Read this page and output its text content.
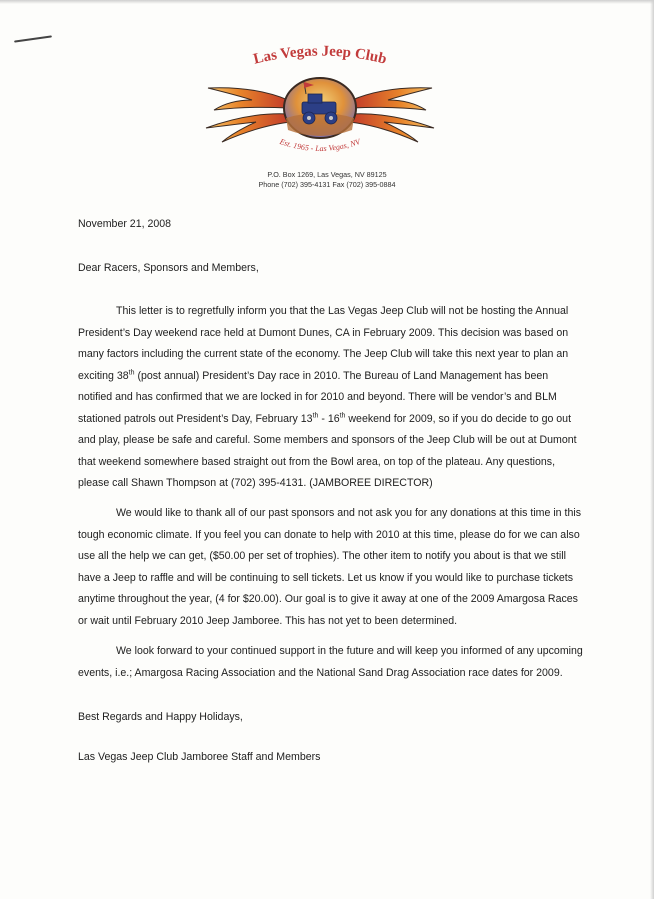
Las Vegas Jeep Club
Est. 1965 - Las Vegas, NV
P.O. Box 1269, Las Vegas, NV 89125
Phone (702) 395-4131 Fax (702) 395-0884
November 21, 2008
Dear Racers, Sponsors and Members,

This letter is to regretfully inform you that the Las Vegas Jeep Club will not be hosting the Annual President’s Day weekend race held at Dumont Dunes, CA in February 2009. This decision was based on many factors including the current state of the economy. The Jeep Club will take this next year to plan an exciting 38th (post annual) President’s Day race in 2010. The Bureau of Land Management has been notified and has confirmed that we are locked in for 2010 and beyond. There will be vendor’s and BLM stationed patrols out President’s Day, February 13th - 16th weekend for 2009, so if you do decide to go out and play, please be safe and careful. Some members and sponsors of the Jeep Club will be out at Dumont that weekend somewhere based straight out from the Bowl area, on top of the plateau. Any questions, please call Shawn Thompson at (702) 395-4131. (JAMBOREE DIRECTOR)

We would like to thank all of our past sponsors and not ask you for any donations at this time in this tough economic climate. If you feel you can donate to help with 2010 at this time, please do for we can also use all the help we can get, ($50.00 per set of trophies). The other item to notify you about is that we still have a Jeep to raffle and will be continuing to sell tickets. Let us know if you would like to purchase tickets anytime throughout the year, (4 for $20.00). Our goal is to give it away at one of the 2009 Amargosa Races or wait until February 2010 Jeep Jamboree. This has not yet to been determined.

We look forward to your continued support in the future and will keep you informed of any upcoming events, i.e.; Amargosa Racing Association and the National Sand Drag Association race dates for 2009.

Best Regards and Happy Holidays,
Las Vegas Jeep Club Jamboree Staff and Members
